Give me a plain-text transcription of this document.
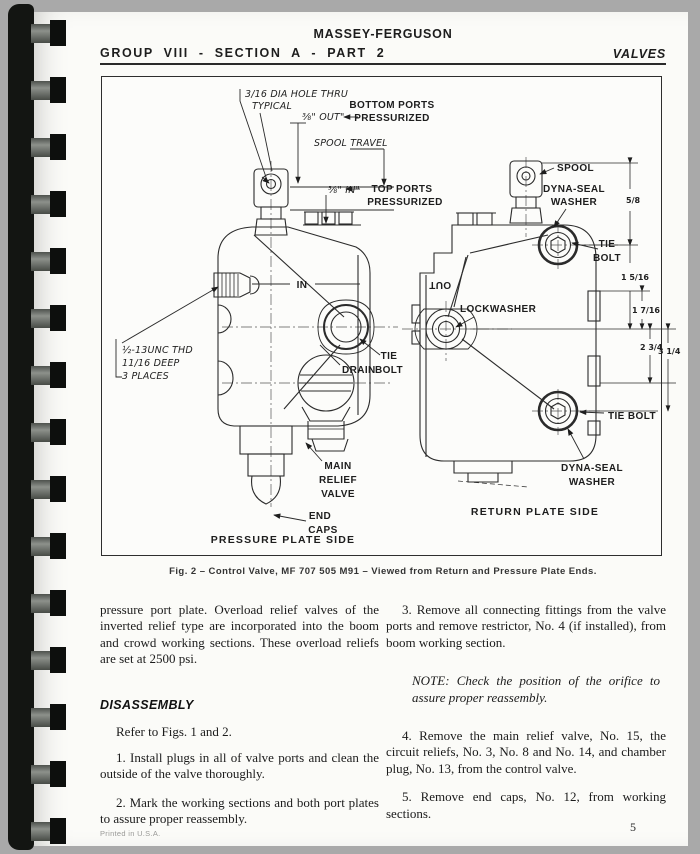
MASSEY-FERGUSON
GROUP VIII - SECTION A - PART 2	VALVES
3/16 DIA HOLE THRU
TYPICAL
⅜" OUT"
BOTTOM PORTS
PRESSURIZED
SPOOL TRAVEL
⅜" IN" TOP PORTS
PRESSURIZED
SPOOL
DYNA-SEAL
WASHER
TIE
BOLT
IN	OUT
LOCKWASHER
TIE
BOLT
DRAIN
½-13UNC THD
11/16 DEEP
3 PLACES
MAIN
RELIEF
VALVE
END
CAPS
PRESSURE PLATE SIDE
TIE BOLT
DYNA-SEAL
WASHER
RETURN PLATE SIDE
5/8
1 5/16
1 7/16
2 3/4
3 1/4
Fig. 2 – Control Valve, MF 707 505 M91 – Viewed from Return and Pressure Plate Ends.

pressure port plate. Overload relief valves of the inverted relief type are incorporated into the boom and crowd working sections. These overload reliefs are set at 2500 psi.

DISASSEMBLY

Refer to Figs. 1 and 2.

1. Install plugs in all of valve ports and clean the outside of the valve thoroughly.

2. Mark the working sections and both port plates to assure proper reassembly.

3. Remove all connecting fittings from the valve ports and remove restrictor, No. 4 (if installed), from boom working section.

NOTE: Check the position of the orifice to assure proper reassembly.

4. Remove the main relief valve, No. 15, the circuit reliefs, No. 3, No. 8 and No. 14, and chamber plug, No. 13, from the control valve.

5. Remove end caps, No. 12, from working sections.

Printed in U.S.A.	5
